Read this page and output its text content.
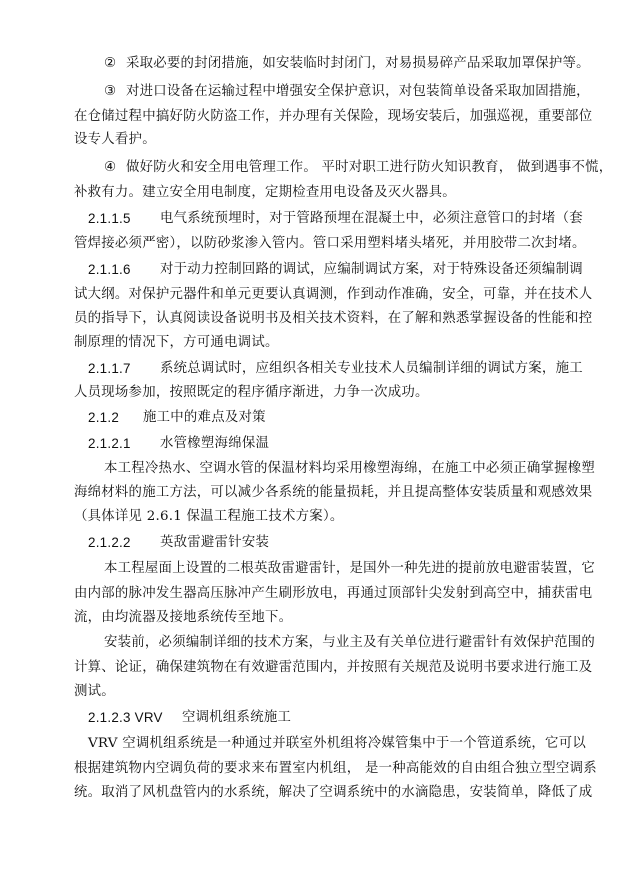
② 采取必要的封闭措施，如安装临时封闭门，对易损易碎产品采取加罩保护等。
③ 对进口设备在运输过程中增强安全保护意识，对包装简单设备采取加固措施，
在仓储过程中搞好防火防盗工作，并办理有关保险，现场安装后，加强巡视，重要部位
设专人看护。
④ 做好防火和安全用电管理工作。 平时对职工进行防火知识教育， 做到遇事不慌，
补救有力。建立安全用电制度，定期检查用电设备及灭火器具。
2.1.1.5 电气系统预埋时，对于管路预埋在混凝土中，必须注意管口的封堵（套
管焊接必须严密），以防砂浆渗入管内。管口采用塑料堵头堵死，并用胶带二次封堵。
2.1.1.6 对于动力控制回路的调试，应编制调试方案，对于特殊设备还须编制调
试大纲。对保护元器件和单元更要认真调测，作到动作准确，安全，可靠，并在技术人
员的指导下，认真阅读设备说明书及相关技术资料，在了解和熟悉掌握设备的性能和控
制原理的情况下，方可通电调试。
2.1.1.7 系统总调试时，应组织各相关专业技术人员编制详细的调试方案，施工
人员现场参加，按照既定的程序循序渐进，力争一次成功。
2.1.2 施工中的难点及对策
2.1.2.1 水管橡塑海绵保温
本工程冷热水、空调水管的保温材料均采用橡塑海绵，在施工中必须正确掌握橡塑
海绵材料的施工方法，可以减少各系统的能量损耗，并且提高整体安装质量和观感效果
（具体详见 2.6.1 保温工程施工技术方案）。
2.1.2.2 英敌雷避雷针安装
本工程屋面上设置的二根英敌雷避雷针，是国外一种先进的提前放电避雷装置，它
由内部的脉冲发生器高压脉冲产生刷形放电，再通过顶部针尖发射到高空中，捕获雷电
流，由均流器及接地系统传至地下。
安装前，必须编制详细的技术方案，与业主及有关单位进行避雷针有效保护范围的
计算、论证，确保建筑物在有效避雷范围内，并按照有关规范及说明书要求进行施工及
测试。
2.1.2.3 VRV 空调机组系统施工
VRV 空调机组系统是一种通过并联室外机组将冷媒管集中于一个管道系统，它可以
根据建筑物内空调负荷的要求来布置室内机组， 是一种高能效的自由组合独立型空调系
统。取消了风机盘管内的水系统，解决了空调系统中的水滴隐患，安装简单，降低了成
